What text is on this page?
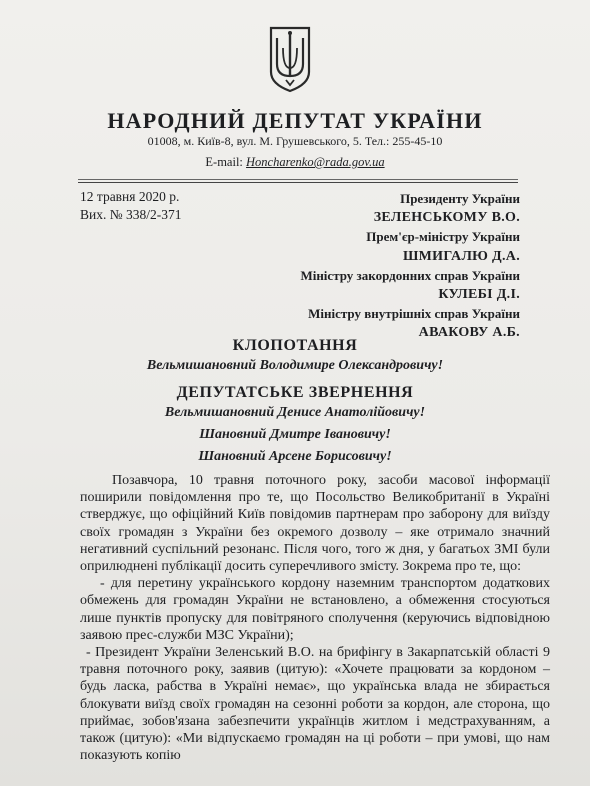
НАРОДНИЙ ДЕПУТАТ УКРАЇНИ
01008, м. Київ-8, вул. М. Грушевського, 5. Тел.: 255-45-10
E-mail: Honcharenko@rada.gov.ua
12 травня 2020 р.
Вих. № 338/2-371
Президенту України
ЗЕЛЕНСЬКОМУ В.О.
Прем'єр-міністру України
ШМИГАЛЮ Д.А.
Міністру закордонних справ України
КУЛЕБІ Д.І.
Міністру внутрішніх справ України
АВАКОВУ А.Б.
КЛОПОТАННЯ
Вельмишановний Володимире Олександровичу!
ДЕПУТАТСЬКЕ ЗВЕРНЕННЯ
Вельмишановний Денисе Анатолійовичу!
Шановний Дмитре Івановичу!
Шановний Арсене Борисовичу!

Позавчора, 10 травня поточного року, засоби масової інформації поширили повідомлення про те, що Посольство Великобританії в Україні стверджує, що офіційний Київ повідомив партнерам про заборону для виїзду своїх громадян з України без окремого дозволу – яке отримало значний негативний суспільний резонанс. Після чого, того ж дня, у багатьох ЗМІ були оприлюднені публікації досить суперечливого змісту. Зокрема про те, що:

- для перетину українського кордону наземним транспортом додаткових обмежень для громадян України не встановлено, а обмеження стосуються лише пунктів пропуску для повітряного сполучення (керуючись відповідною заявою прес-служби МЗС України);

- Президент України Зеленський В.О. на брифінгу в Закарпатській області 9 травня поточного року, заявив (цитую): «Хочете працювати за кордоном – будь ласка, рабства в Україні немає», що українська влада не збирається блокувати виїзд своїх громадян на сезонні роботи за кордон, але сторона, що приймає, зобов'язана забезпечити українців житлом і медстрахуванням, а також (цитую): «Ми відпускаємо громадян на ці роботи – при умові, що нам показують копію
